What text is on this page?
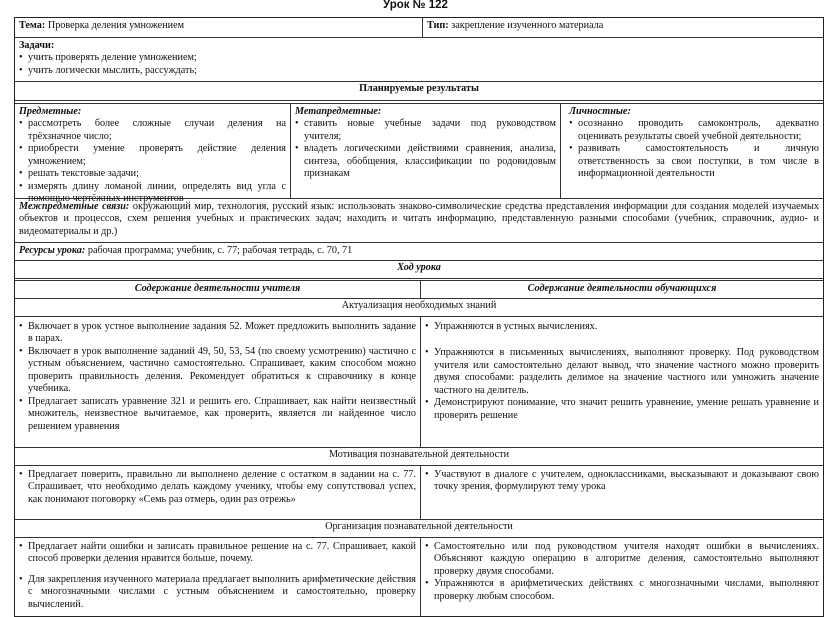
Урок № 122
Тема: Проверка деления умножением	Тип: закрепление изученного материала
Задачи:
• учить проверять деление умножением;
• учить логически мыслить, рассуждать;
Планируемые результаты
Предметные:
• рассмотреть более сложные случаи деления на трёхзначное число;
• приобрести умение проверять действие деления умножением;
• решать текстовые задачи;
• измерять длину ломаной линии, определять вид угла с помощью чертёжных инструментов
Метапредметные:
• ставить новые учебные задачи под руководством учителя;
• владеть логическими действиями сравнения, анализа, синтеза, обобщения, классификации по родовидовым признакам
Личностные:
• осознанно проводить самоконтроль, адекватно оценивать результаты своей учебной деятельности;
• развивать самостоятельность и личную ответственность за свои поступки, в том числе в информационной деятельности
Межпредметные связи: окружающий мир, технология, русский язык: использовать знаково-символические средства представления информации для создания моделей изучаемых объектов и процессов, схем решения учебных и практических задач; находить и читать информацию, представленную разными способами (учебник, справочник, аудио- и видеоматериалы и др.)
Ресурсы урока: рабочая программа; учебник, с. 77; рабочая тетрадь, с. 70, 71
Ход урока
Содержание деятельности учителя	Содержание деятельности обучающихся
Актуализация необходимых знаний
• Включает в урок устное выполнение задания 52. Может предложить выполнить задание в парах.
• Включает в урок выполнение заданий 49, 50, 53, 54 (по своему усмотрению) частично с устным объяснением, частично самостоятельно. Спрашивает, каким способом можно проверить правильность деления. Рекомендует обратиться к справочнику в конце учебника.
• Предлагает записать уравнение 321 и решить его. Спрашивает, как найти неизвестный множитель, неизвестное вычитаемое, как проверить, является ли найденное число решением уравнения
• Упражняются в устных вычислениях.
• Упражняются в письменных вычислениях, выполняют проверку. Под руководством учителя или самостоятельно делают вывод, что значение частного можно проверить двумя способами: разделить делимое на значение частного или умножить значение частного на делитель.
• Демонстрируют понимание, что значит решить уравнение, умение решать уравнение и проверять решение
Мотивация познавательной деятельности
• Предлагает поверить, правильно ли выполнено деление с остатком в задании на с. 77. Спрашивает, что необходимо делать каждому ученику, чтобы ему сопутствовал успех, как понимают поговорку «Семь раз отмерь, один раз отрежь»
• Участвуют в диалоге с учителем, одноклассниками, высказывают и доказывают свою точку зрения, формулируют тему урока
Организация познавательной деятельности
• Предлагает найти ошибки и записать правильное решение на с. 77. Спрашивает, какой способ проверки деления нравится больше, почему.
• Для закрепления изученного материала предлагает выполнить арифметические действия с многозначными числами с устным объяснением и самостоятельно, проверку вычислений.
• Самостоятельно или под руководством учителя находят ошибки в вычислениях. Объясняют каждую операцию в алгоритме деления, самостоятельно выполняют проверку двумя способами.
• Упражняются в арифметических действиях с многозначными числами, выполняют проверку любым способом.
